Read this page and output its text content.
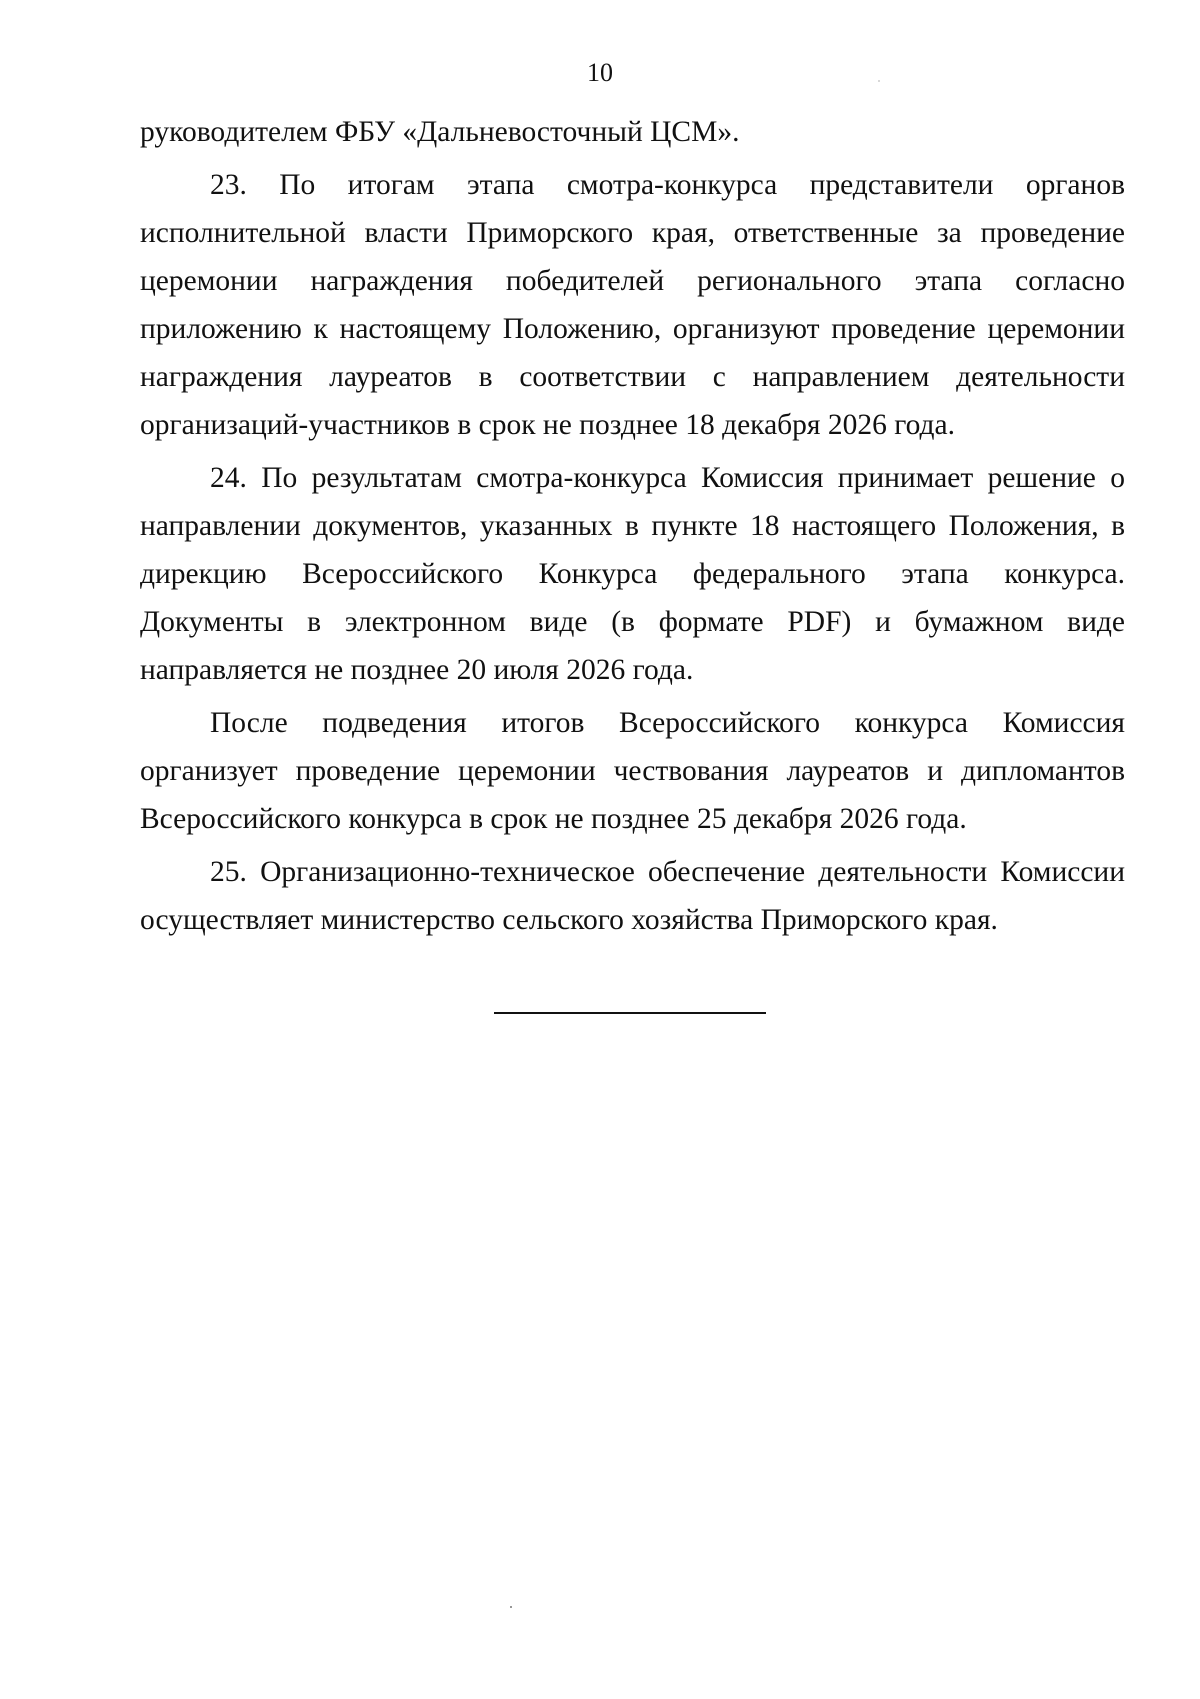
10

руководителем ФБУ «Дальневосточный ЦСМ».

23. По итогам этапа смотра-конкурса представители органов исполнительной власти Приморского края, ответственные за проведение церемонии награждения победителей регионального этапа согласно приложению к настоящему Положению, организуют проведение церемонии награждения лауреатов в соответствии с направлением деятельности организаций-участников в срок не позднее 18 декабря 2026 года.

24. По результатам смотра-конкурса Комиссия принимает решение о направлении документов, указанных в пункте 18 настоящего Положения, в дирекцию Всероссийского Конкурса федерального этапа конкурса. Документы в электронном виде (в формате PDF) и бумажном виде направляется не позднее 20 июля 2026 года.

После подведения итогов Всероссийского конкурса Комиссия организует проведение церемонии чествования лауреатов и дипломантов Всероссийского конкурса в срок не позднее 25 декабря 2026 года.

25. Организационно-техническое обеспечение деятельности Комиссии осуществляет министерство сельского хозяйства Приморского края.
